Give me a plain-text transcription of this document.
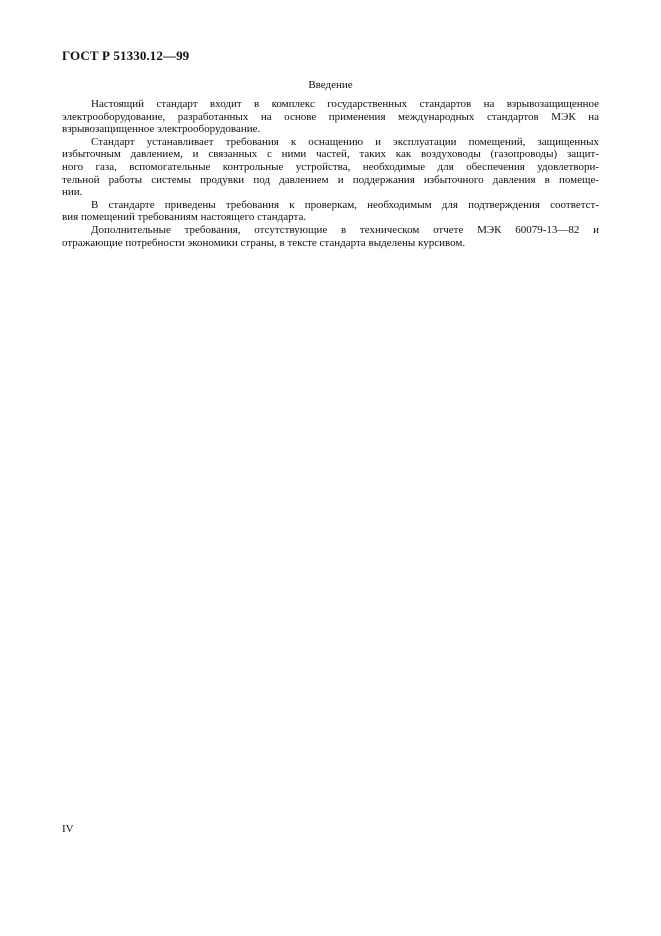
ГОСТ Р 51330.12—99

Введение

Настоящий стандарт входит в комплекс государственных стандартов на взрывозащищенное
электрооборудование, разработанных на основе применения международных стандартов МЭК на
взрывозащищенное электрооборудование.

Стандарт устанавливает требования к оснащению и эксплуатации помещений, защищенных
избыточным давлением, и связанных с ними частей, таких как воздуховоды (газопроводы) защит-
ного газа, вспомогательные контрольные устройства, необходимые для обеспечения удовлетвори-
тельной работы системы продувки под давлением и поддержания избыточного давления в помеще-
нии.

В стандарте приведены требования к проверкам, необходимым для подтверждения соответст-
вия помещений требованиям настоящего стандарта.

Дополнительные требования, отсутствующие в техническом отчете МЭК 60079-13—82 и
отражающие потребности экономики страны, в тексте стандарта выделены курсивом.

IV
